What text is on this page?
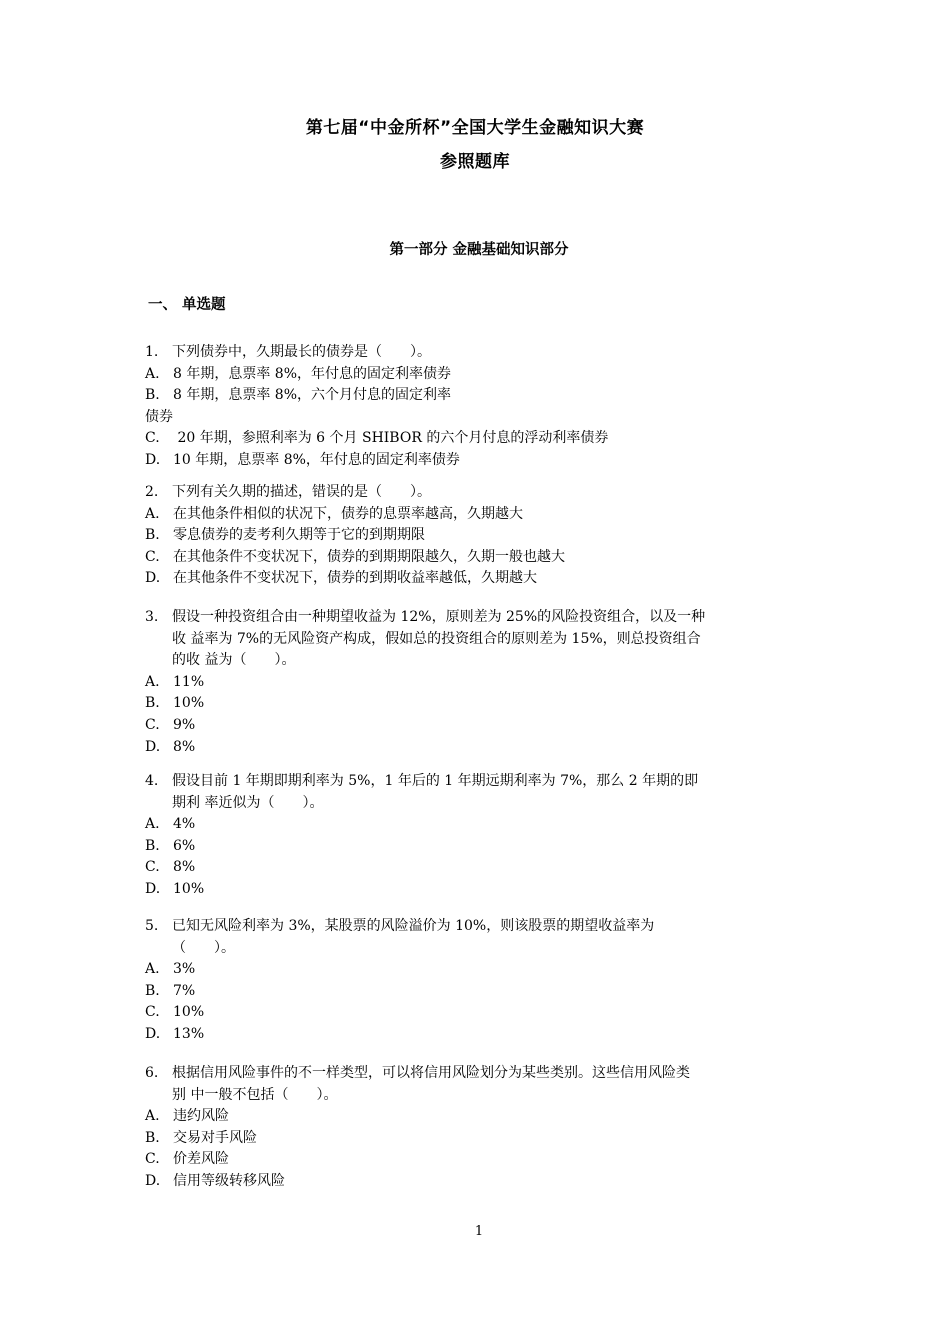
第七届“中金所杯”全国大学生金融知识大赛
参照题库
第一部分 金融基础知识部分
一、 单选题
1. 下列债券中，久期最长的债券是（　　）。
A. 8 年期，息票率 8%，年付息的固定利率债券
B. 8 年期，息票率 8%，六个月付息的固定利率
债券
C. 20 年期，参照利率为 6 个月 SHIBOR 的六个月付息的浮动利率债券
D. 10 年期，息票率 8%，年付息的固定利率债券
2. 下列有关久期的描述，错误的是（　　）。
A. 在其他条件相似的状况下，债券的息票率越高，久期越大
B. 零息债券的麦考利久期等于它的到期期限
C. 在其他条件不变状况下，债券的到期期限越久，久期一般也越大
D. 在其他条件不变状况下，债券的到期收益率越低，久期越大
3. 假设一种投资组合由一种期望收益为 12%，原则差为 25%的风险投资组合，以及一种
收 益率为 7%的无风险资产构成，假如总的投资组合的原则差为 15%，则总投资组合
的收 益为（　　）。
A. 11%
B. 10%
C. 9%
D. 8%
4. 假设目前 1 年期即期利率为 5%，1 年后的 1 年期远期利率为 7%，那么 2 年期的即
期利 率近似为（　　）。
A. 4%
B. 6%
C. 8%
D. 10%
5. 已知无风险利率为 3%，某股票的风险溢价为 10%，则该股票的期望收益率为
（　　）。
A. 3%
B. 7%
C. 10%
D. 13%
6. 根据信用风险事件的不一样类型，可以将信用风险划分为某些类别。这些信用风险类
别 中一般不包括（　　）。
A. 违约风险
B. 交易对手风险
C. 价差风险
D. 信用等级转移风险
1
